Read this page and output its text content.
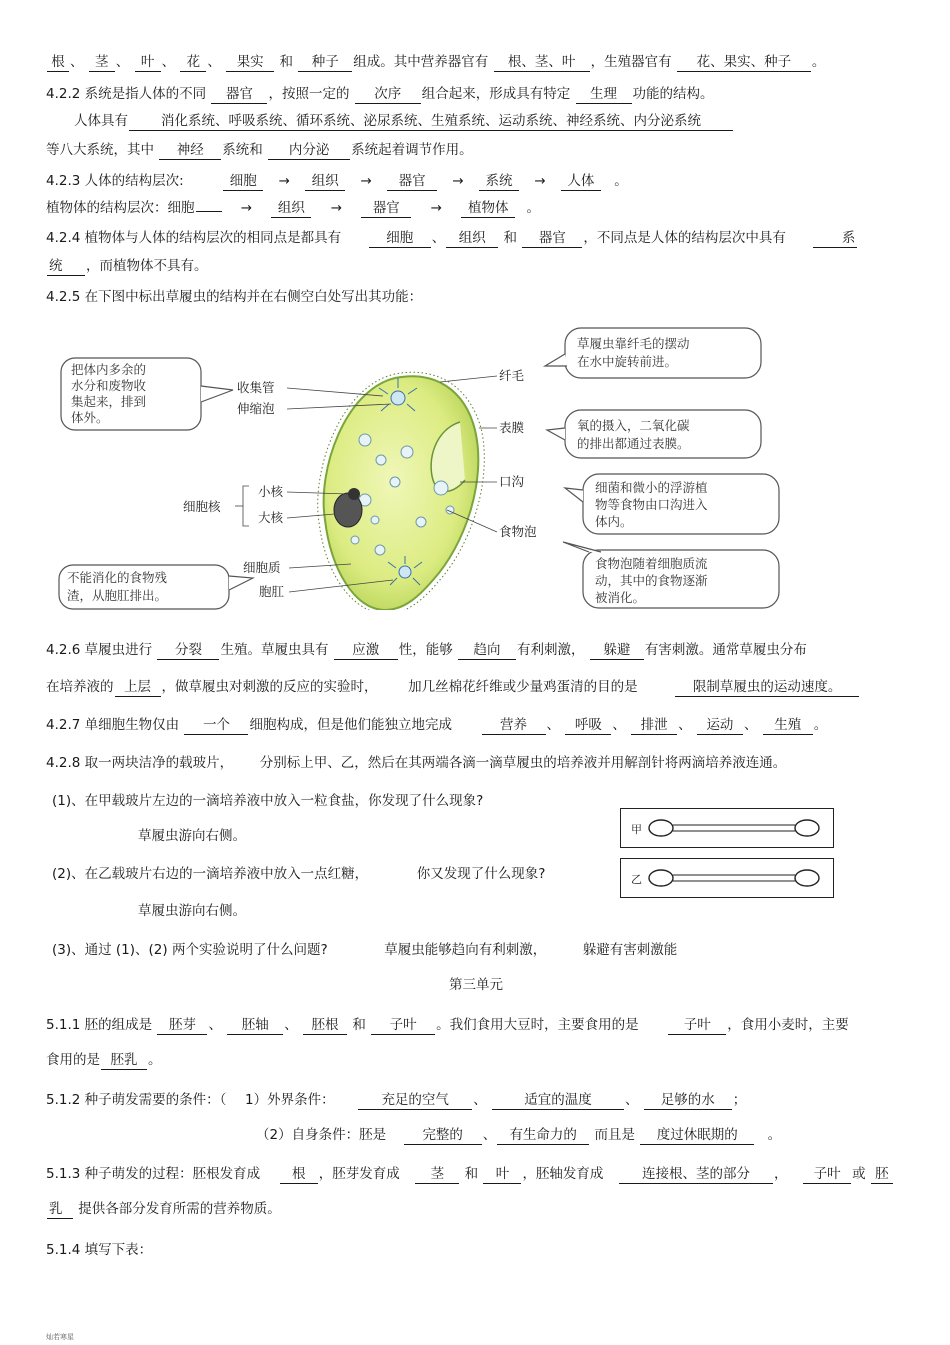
根 、 茎 、 叶 、 花 、 果实 和 种子 组成。其中营养器官有 根、茎、叶 ，生殖器官有 花、果实、种子 。
4.2.2 系统是指人体的不同 器官 ，按照一定的 次序 组合起来，形成具有特定 生理 功能的结构。
人体具有 消化系统、呼吸系统、循环系统、泌尿系统、生殖系统、运动系统、神经系统、内分泌系统
等八大系统，其中 神经 系统和 内分泌 系统起着调节作用。
4.2.3 人体的结构层次:	细胞 → 组织 → 器官 → 系统 → 人体 。
植物体的结构层次：细胞	→ 组织 → 器官 → 植物体 。
4.2.4 植物体与人体的结构层次的相同点是都具有	细胞 、 组织 和 器官 ，不同点是人体的结构层次中具有	系
统 ，而植物体不具有。
4.2.5 在下图中标出草履虫的结构并在右侧空白处写出其功能：
收集管
伸缩泡
细胞核
小核
大核
细胞质
胞肛
纤毛
表膜
口沟
食物泡
把体内多余的
水分和废物收
集起来，排到
体外。
不能消化的食物残
渣，从胞肛排出。
草履虫靠纤毛的摆动
在水中旋转前进。
氧的摄入，二氧化碳
的排出都通过表膜。
细菌和微小的浮游植
物等食物由口沟进入
体内。
食物泡随着细胞质流
动，其中的食物逐渐
被消化。
4.2.6 草履虫进行 分裂 生殖。草履虫具有 应激 性，能够 趋向 有利刺激， 躲避 有害刺激。通常草履虫分布
在培养液的 上层 ，做草履虫对刺激的反应的实验时， 加几丝棉花纤维或少量鸡蛋清的目的是	限制草履虫的运动速度。
4.2.7 单细胞生物仅由 一个 细胞构成，但是他们能独立地完成	营养 、 呼吸 、 排泄 、 运动 、 生殖 。
4.2.8 取一两块洁净的载玻片， 分别标上甲、乙，然后在其两端各滴一滴草履虫的培养液并用解剖针将两滴培养液连通。
(1)、在甲载玻片左边的一滴培养液中放入一粒食盐，你发现了什么现象?
草履虫游向右侧。	甲
(2)、在乙载玻片右边的一滴培养液中放入一点红糖，	你又发现了什么现象?
草履虫游向右侧。
乙
(3)、通过 (1)、(2) 两个实验说明了什么问题?	草履虫能够趋向有利刺激，	躲避有害刺激能
第三单元
5.1.1 胚的组成是 胚芽 、 胚轴 、 胚根 和 子叶 。我们食用大豆时，主要食用的是	子叶 ，食用小麦时，主要
食用的是 胚乳 。
5.1.2 种子萌发需要的条件：（ 1）外界条件：	充足的空气 、	适宜的温度 、 足够的水 ；
（2）自身条件：胚是	完整的 、 有生命力的 而且是 度过休眠期的 。
5.1.3 种子萌发的过程：胚根发育成 根 ，胚芽发育成 茎 和 叶 ，胚轴发育成	连接根、茎的部分 ， 子叶 或 胚
乳 提供各部分发育所需的营养物质。
5.1.4 填写下表：
灿若寒星
